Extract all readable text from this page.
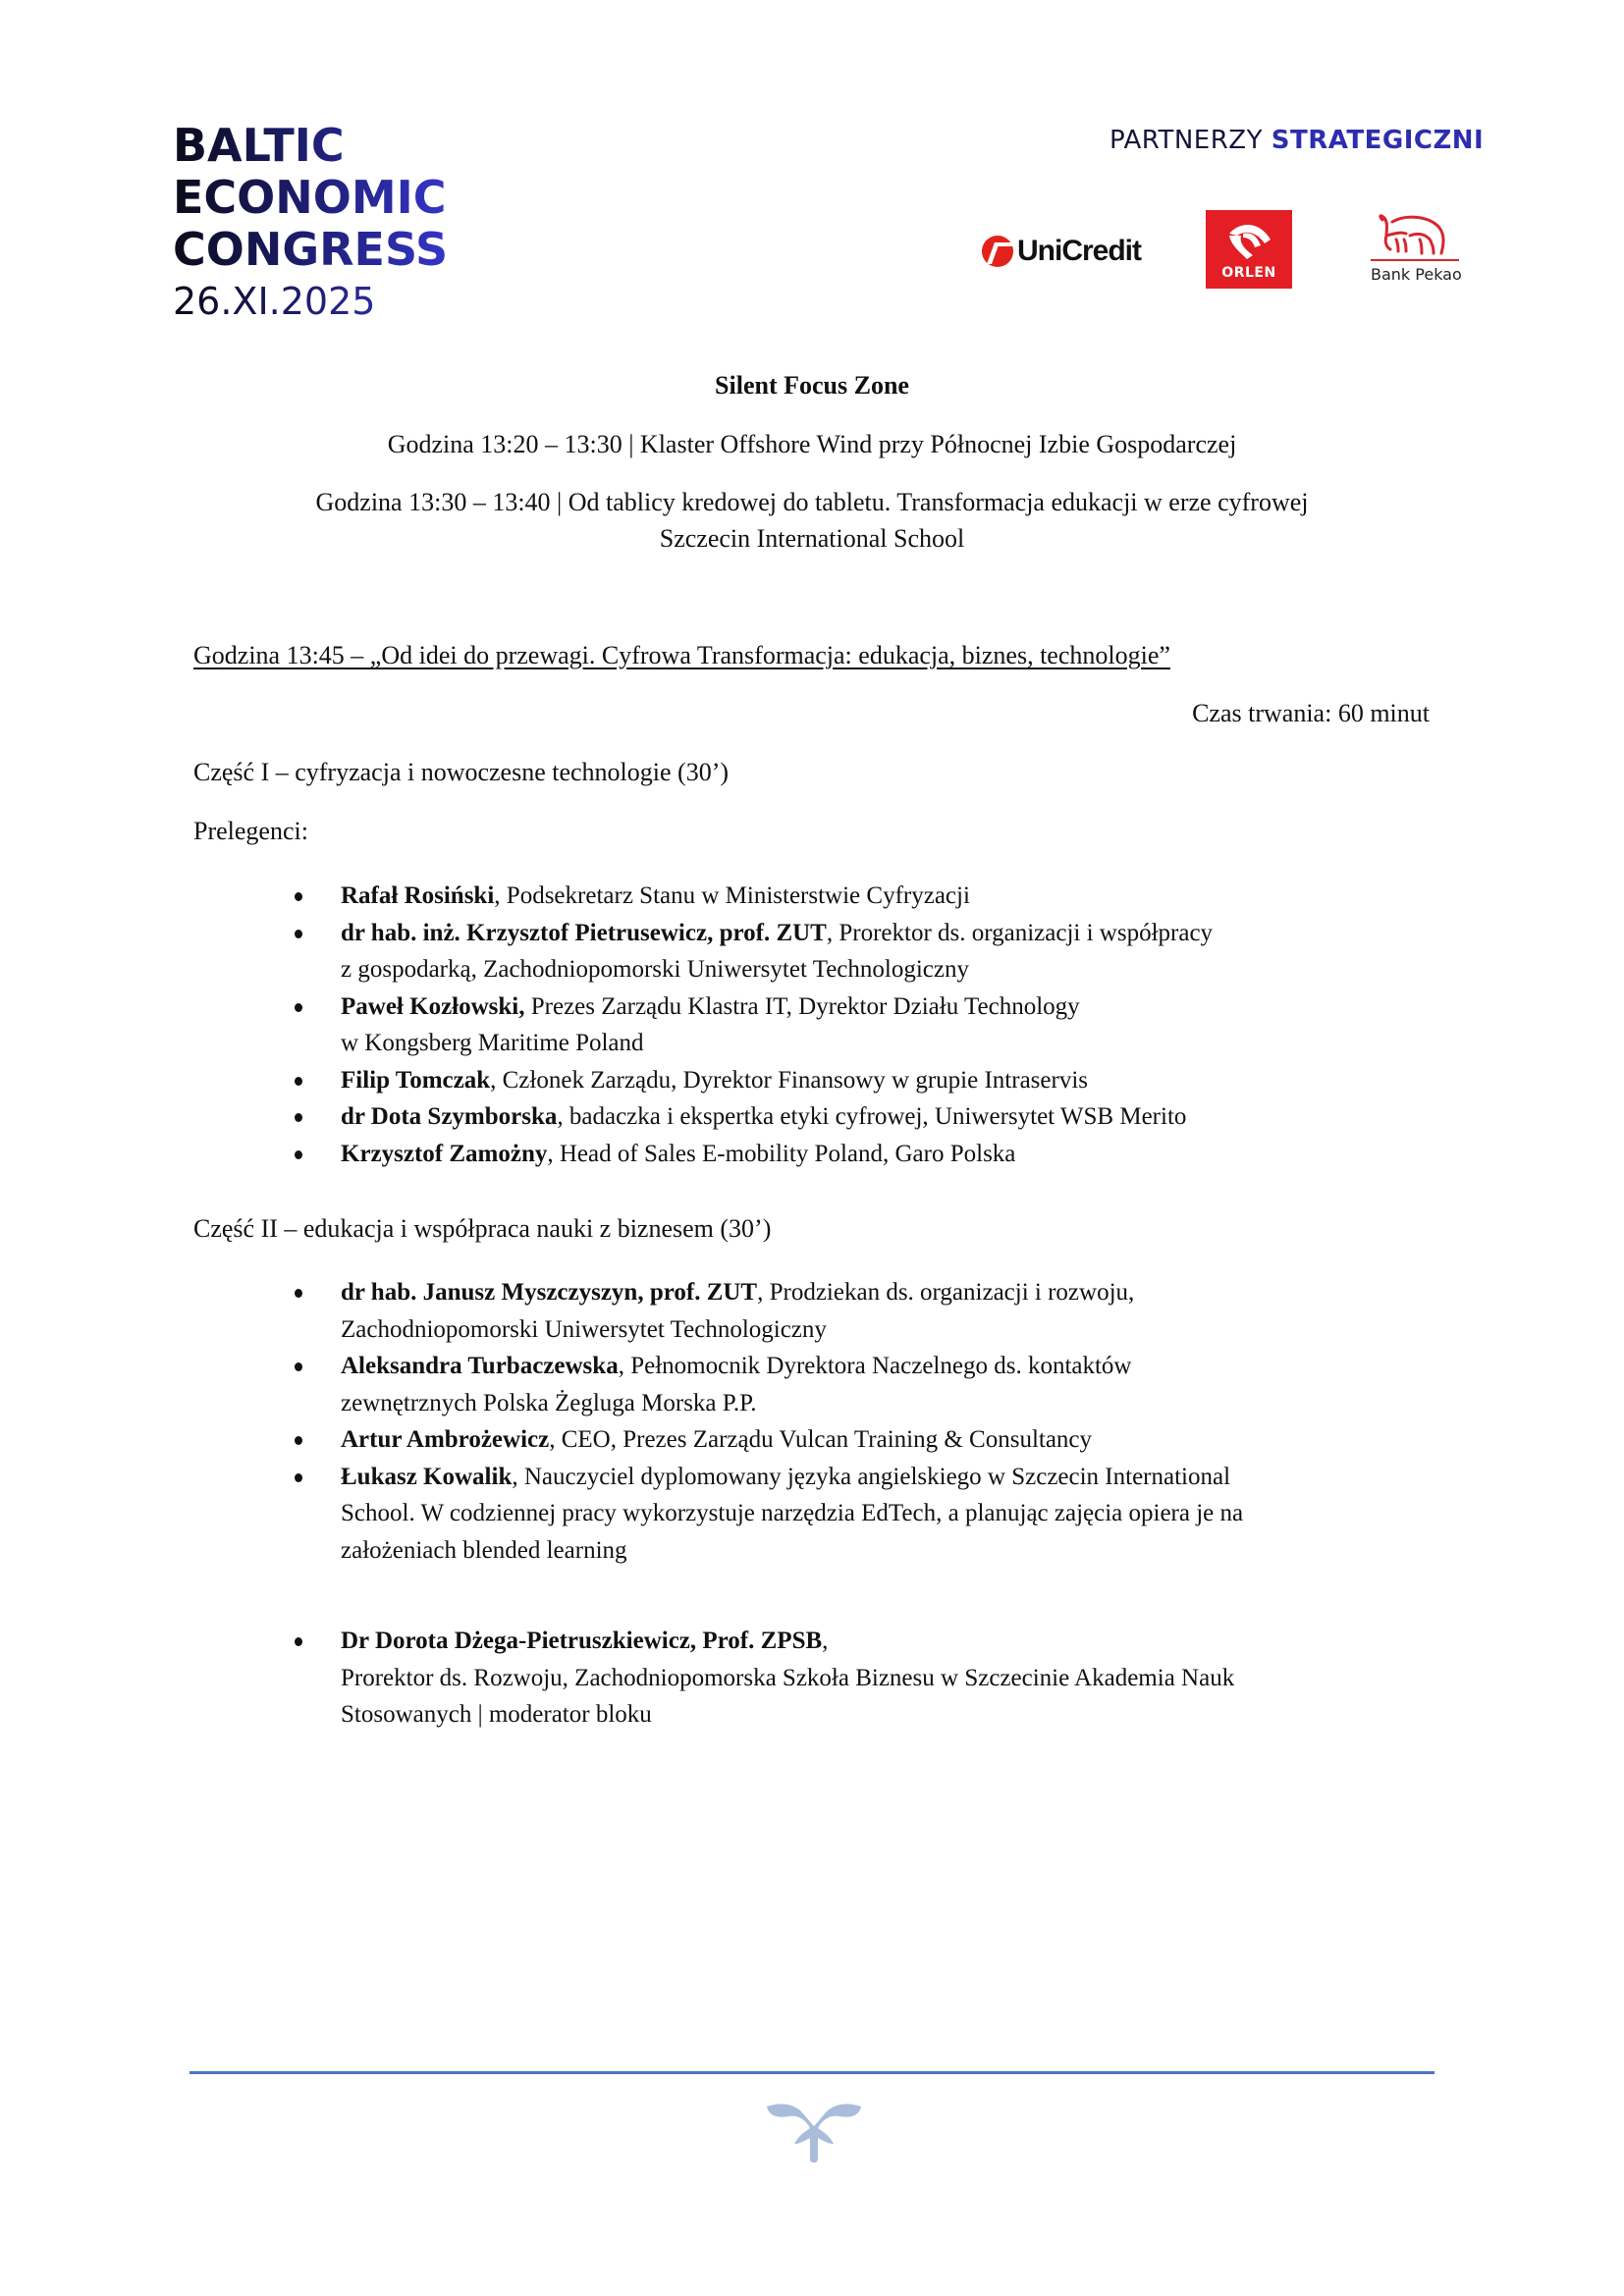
BALTIC
ECONOMIC
CONGRESS
26.XI.2025
PARTNERZY STRATEGICZNI
UniCredit
ORLEN	Bank Pekao
Silent Focus Zone
Godzina 13:20 – 13:30 | Klaster Offshore Wind przy Północnej Izbie Gospodarczej
Godzina 13:30 – 13:40 | Od tablicy kredowej do tabletu. Transformacja edukacji w erze cyfrowej
Szczecin International School
Godzina 13:45 – „Od idei do przewagi. Cyfrowa Transformacja: edukacja, biznes, technologie”
Czas trwania: 60 minut
Część I – cyfryzacja i nowoczesne technologie (30’)
Prelegenci:
Rafał Rosiński, Podsekretarz Stanu w Ministerstwie Cyfryzacji
dr hab. inż. Krzysztof Pietrusewicz, prof. ZUT, Prorektor ds. organizacji i współpracy
z gospodarką, Zachodniopomorski Uniwersytet Technologiczny
Paweł Kozłowski, Prezes Zarządu Klastra IT, Dyrektor Działu Technology
w Kongsberg Maritime Poland
Filip Tomczak, Członek Zarządu, Dyrektor Finansowy w grupie Intraservis
dr Dota Szymborska, badaczka i ekspertka etyki cyfrowej, Uniwersytet WSB Merito
Krzysztof Zamożny, Head of Sales E-mobility Poland, Garo Polska
Część II – edukacja i współpraca nauki z biznesem (30’)
dr hab. Janusz Myszczyszyn, prof. ZUT, Prodziekan ds. organizacji i rozwoju,
Zachodniopomorski Uniwersytet Technologiczny
Aleksandra Turbaczewska, Pełnomocnik Dyrektora Naczelnego ds. kontaktów
zewnętrznych Polska Żegluga Morska P.P.
Artur Ambrożewicz, CEO, Prezes Zarządu Vulcan Training & Consultancy
Łukasz Kowalik, Nauczyciel dyplomowany języka angielskiego w Szczecin International
School. W codziennej pracy wykorzystuje narzędzia EdTech, a planując zajęcia opiera je na
założeniach blended learning
Dr Dorota Dżega-Pietruszkiewicz, Prof. ZPSB,
Prorektor ds. Rozwoju, Zachodniopomorska Szkoła Biznesu w Szczecinie Akademia Nauk
Stosowanych | moderator bloku
